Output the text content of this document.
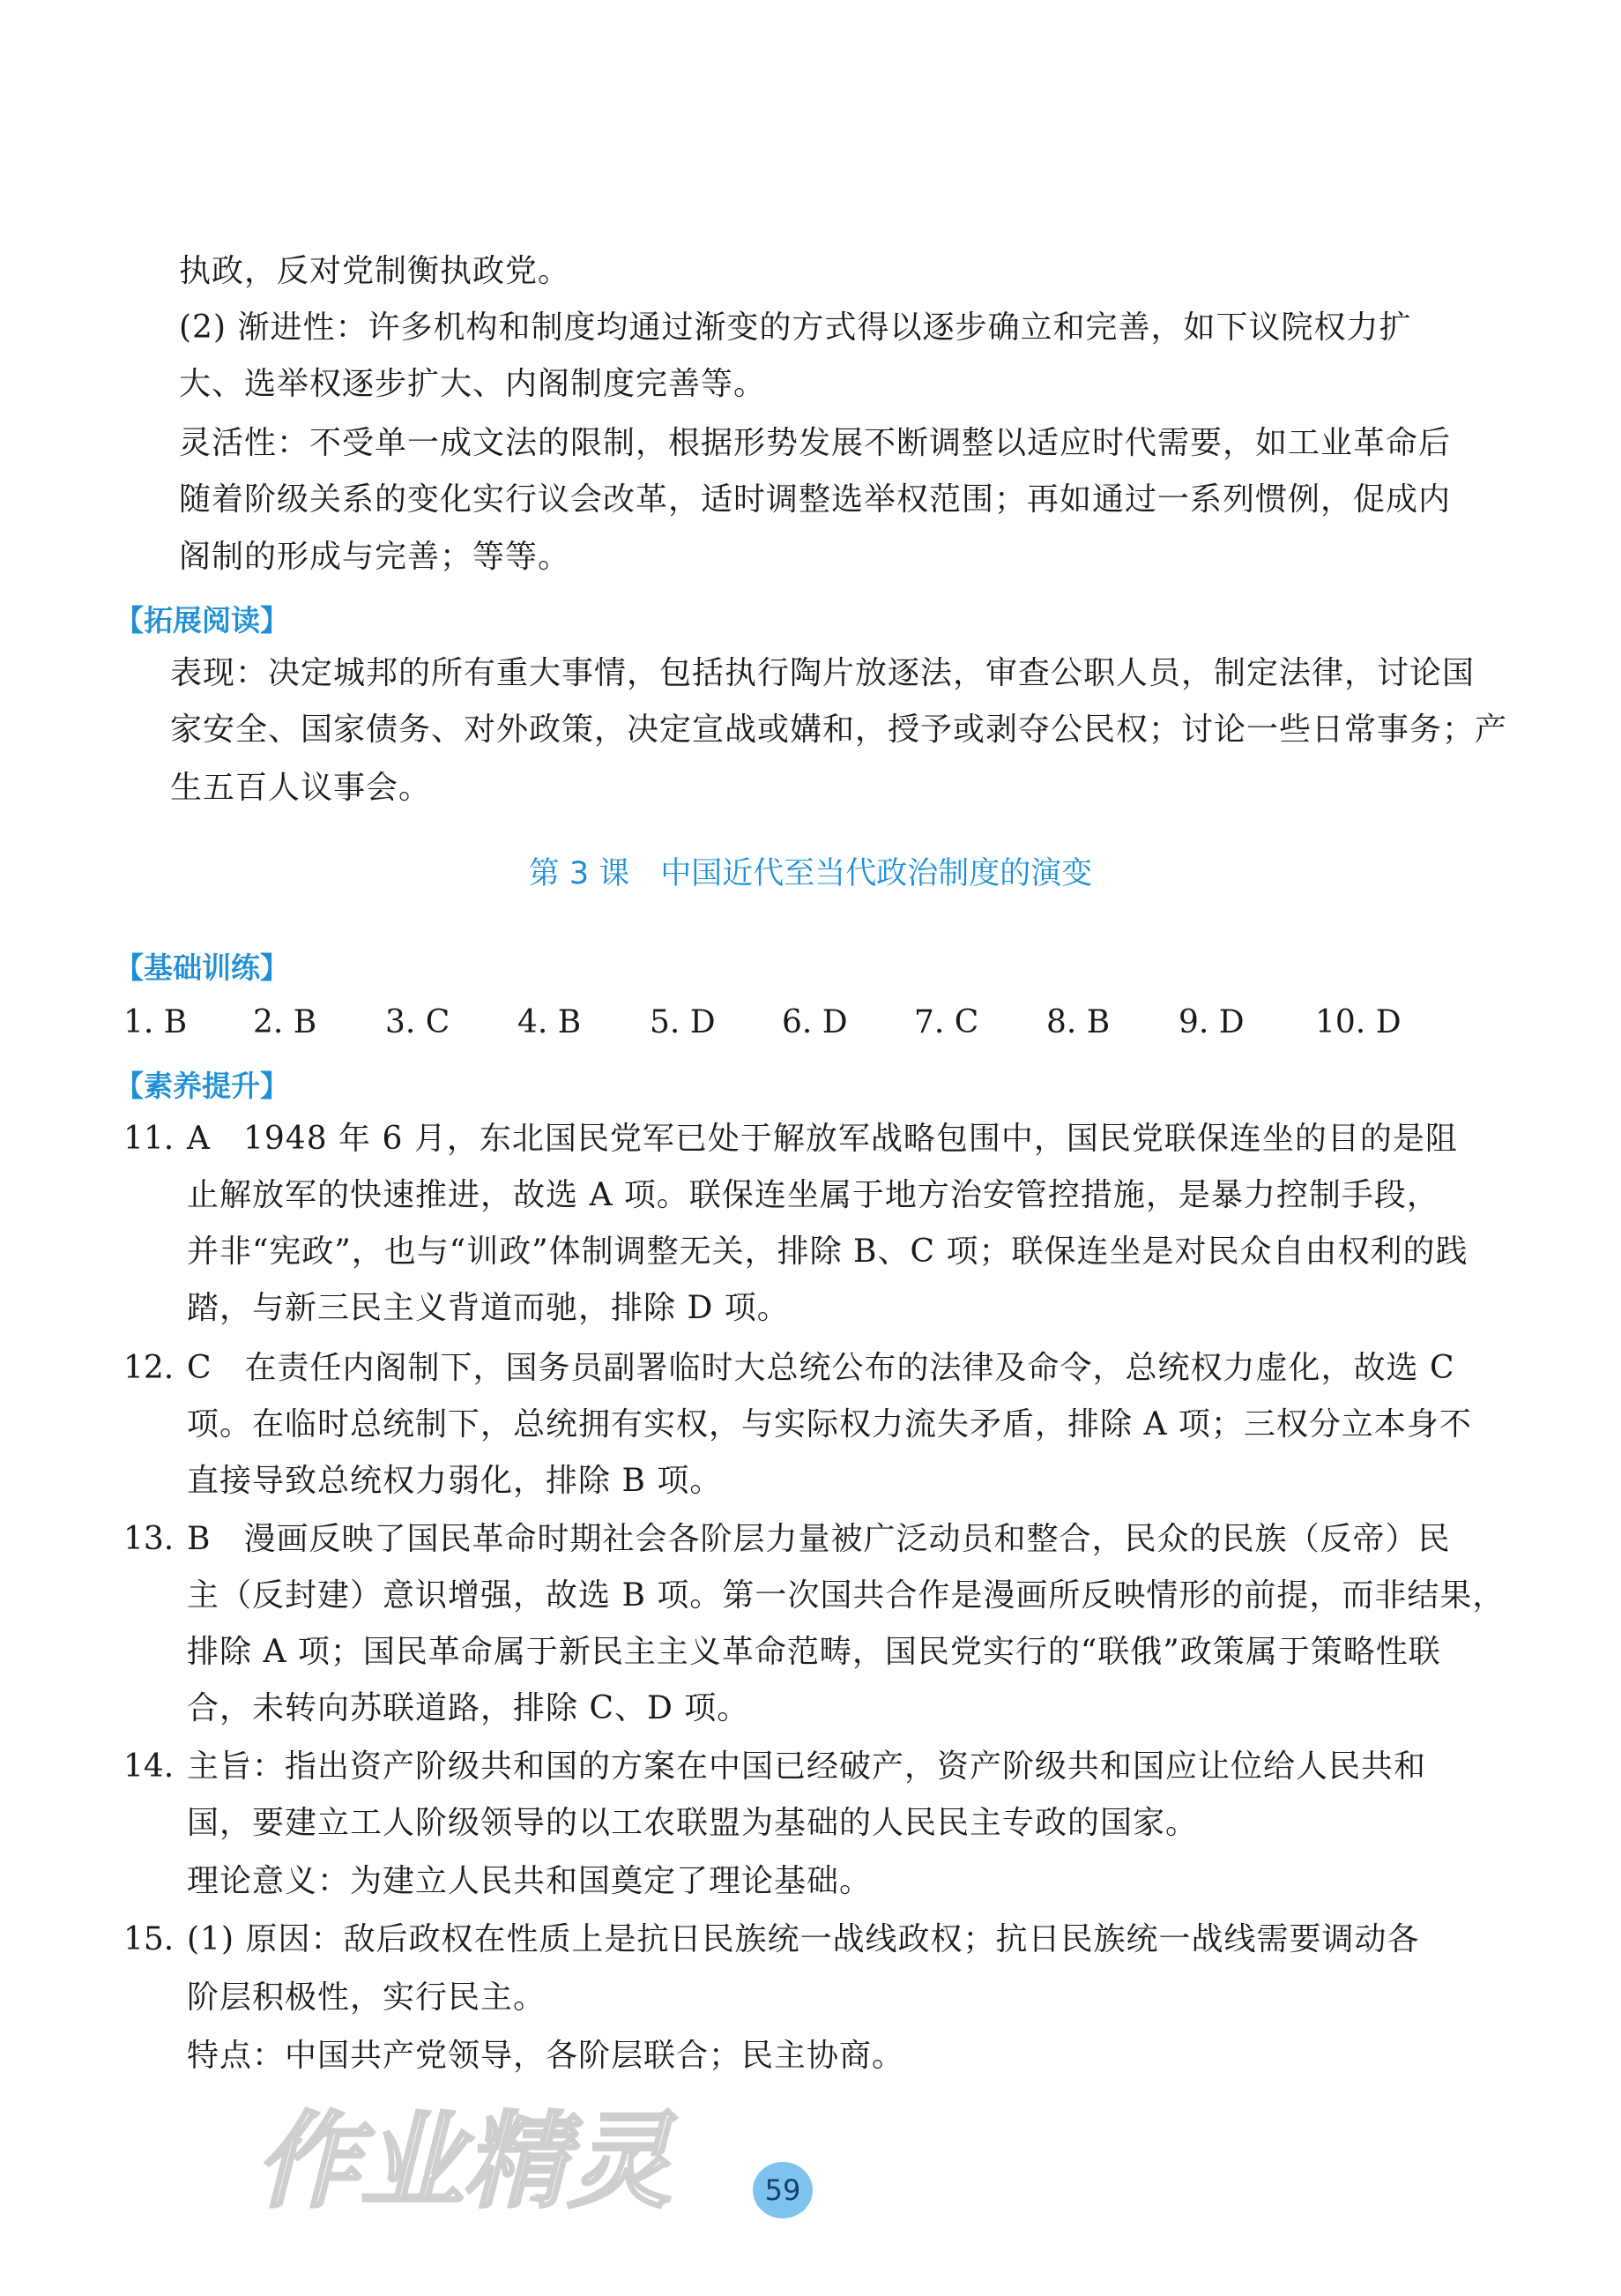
执政，反对党制衡执政党。
(2) 渐进性：许多机构和制度均通过渐变的方式得以逐步确立和完善，如下议院权力扩
大、选举权逐步扩大、内阁制度完善等。
灵活性：不受单一成文法的限制，根据形势发展不断调整以适应时代需要，如工业革命后
随着阶级关系的变化实行议会改革，适时调整选举权范围；再如通过一系列惯例，促成内
阁制的形成与完善；等等。
【拓展阅读】
表现：决定城邦的所有重大事情，包括执行陶片放逐法，审查公职人员，制定法律，讨论国
家安全、国家债务、对外政策，决定宣战或媾和，授予或剥夺公民权；讨论一些日常事务；产
生五百人议事会。
第 3 课　中国近代至当代政治制度的演变
【基础训练】
1. B 2. B 3. C 4. B 5. D 6. D 7. C 8. B 9. D 10. D
【素养提升】
11. A　1948 年 6 月，东北国民党军已处于解放军战略包围中，国民党联保连坐的目的是阻
止解放军的快速推进，故选 A 项。联保连坐属于地方治安管控措施，是暴力控制手段，
并非“宪政”，也与“训政”体制调整无关，排除 B、C 项；联保连坐是对民众自由权利的践
踏，与新三民主义背道而驰，排除 D 项。
12. C　在责任内阁制下，国务员副署临时大总统公布的法律及命令，总统权力虚化，故选 C
项。在临时总统制下，总统拥有实权，与实际权力流失矛盾，排除 A 项；三权分立本身不
直接导致总统权力弱化，排除 B 项。
13. B　漫画反映了国民革命时期社会各阶层力量被广泛动员和整合，民众的民族（反帝）民
主（反封建）意识增强，故选 B 项。第一次国共合作是漫画所反映情形的前提，而非结果，
排除 A 项；国民革命属于新民主主义革命范畴，国民党实行的“联俄”政策属于策略性联
合，未转向苏联道路，排除 C、D 项。
14. 主旨：指出资产阶级共和国的方案在中国已经破产，资产阶级共和国应让位给人民共和
国，要建立工人阶级领导的以工农联盟为基础的人民民主专政的国家。
理论意义：为建立人民共和国奠定了理论基础。
15. (1) 原因：敌后政权在性质上是抗日民族统一战线政权；抗日民族统一战线需要调动各
阶层积极性，实行民主。
特点：中国共产党领导，各阶层联合；民主协商。
作业精灵	59
